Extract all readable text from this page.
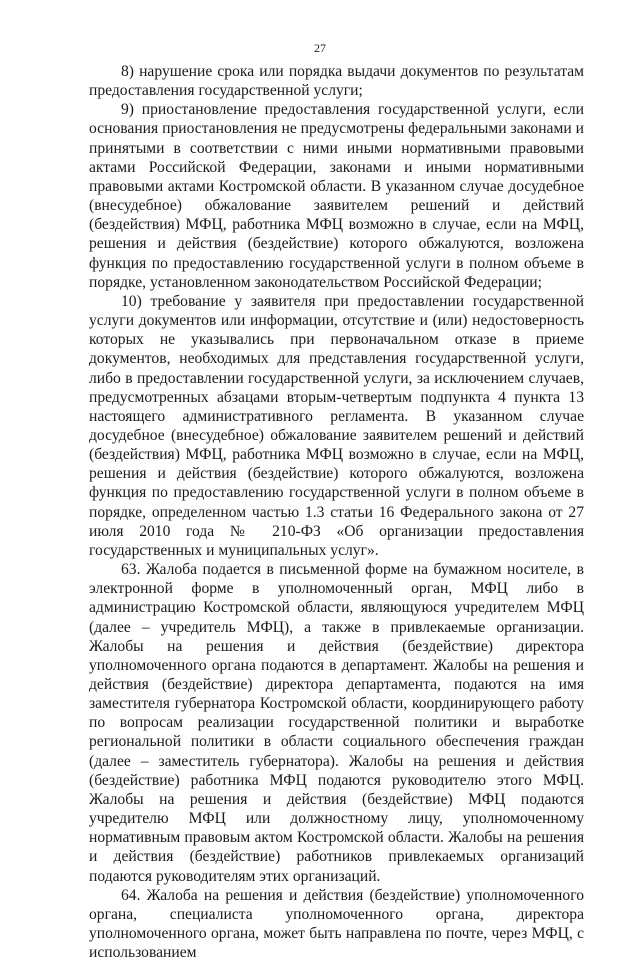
27

8) нарушение срока или порядка выдачи документов по результатам предоставления государственной услуги;

9) приостановление предоставления государственной услуги, если основания приостановления не предусмотрены федеральными законами и принятыми в соответствии с ними иными нормативными правовыми актами Российской Федерации, законами и иными нормативными правовыми актами Костромской области. В указанном случае досудебное (внесудебное) обжалование заявителем решений и действий (бездействия) МФЦ, работника МФЦ возможно в случае, если на МФЦ, решения и действия (бездействие) которого обжалуются, возложена функция по предоставлению государственной услуги в полном объеме в порядке, установленном законодательством Российской Федерации;

10) требование у заявителя при предоставлении государственной услуги документов или информации, отсутствие и (или) недостоверность которых не указывались при первоначальном отказе в приеме документов, необходимых для представления государственной услуги, либо в предоставлении государственной услуги, за исключением случаев, предусмотренных абзацами вторым-четвертым подпункта 4 пункта 13 настоящего административного регламента. В указанном случае досудебное (внесудебное) обжалование заявителем решений и действий (бездействия) МФЦ, работника МФЦ возможно в случае, если на МФЦ, решения и действия (бездействие) которого обжалуются, возложена функция по предоставлению государственной услуги в полном объеме в порядке, определенном частью 1.3 статьи 16 Федерального закона от 27 июля 2010 года № 210-ФЗ «Об организации предоставления государственных и муниципальных услуг».

63. Жалоба подается в письменной форме на бумажном носителе, в электронной форме в уполномоченный орган, МФЦ либо в администрацию Костромской области, являющуюся учредителем МФЦ (далее – учредитель МФЦ), а также в привлекаемые организации. Жалобы на решения и действия (бездействие) директора уполномоченного органа подаются в департамент. Жалобы на решения и действия (бездействие) директора департамента, подаются на имя заместителя губернатора Костромской области, координирующего работу по вопросам реализации государственной политики и выработке региональной политики в области социального обеспечения граждан (далее – заместитель губернатора). Жалобы на решения и действия (бездействие) работника МФЦ подаются руководителю этого МФЦ. Жалобы на решения и действия (бездействие) МФЦ подаются учредителю МФЦ или должностному лицу, уполномоченному нормативным правовым актом Костромской области. Жалобы на решения и действия (бездействие) работников привлекаемых организаций подаются руководителям этих организаций.

64. Жалоба на решения и действия (бездействие) уполномоченного органа, специалиста уполномоченного органа, директора уполномоченного органа, может быть направлена по почте, через МФЦ, с использованием
